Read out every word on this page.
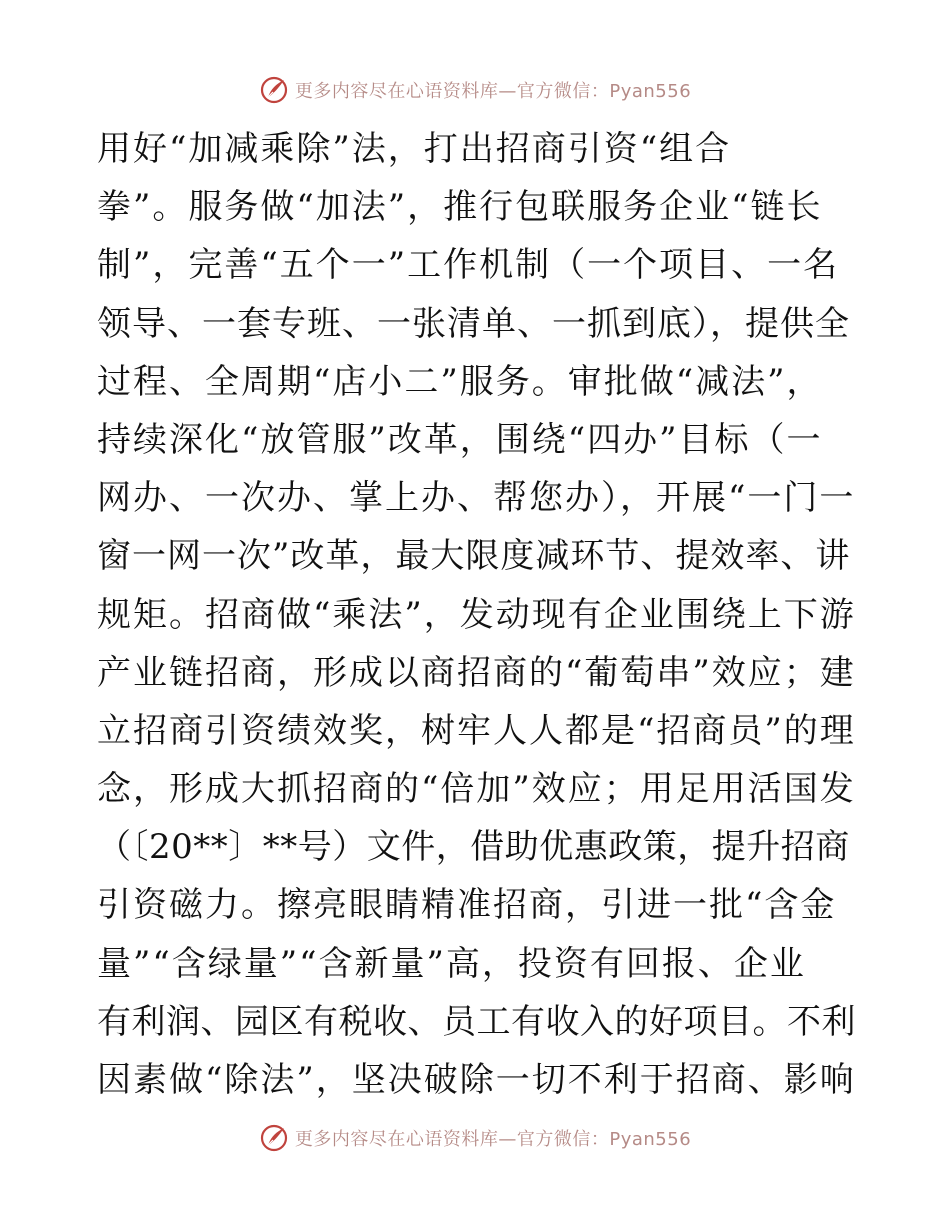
更多内容尽在心语资料库—官方微信：Pyan556
用好“加减乘除”法，打出招商引资“组合
拳”。服务做“加法”，推行包联服务企业“链长
制”，完善“五个一”工作机制（一个项目、一名
领导、一套专班、一张清单、一抓到底），提供全
过程、全周期“店小二”服务。审批做“减法”，
持续深化“放管服”改革，围绕“四办”目标（一
网办、一次办、掌上办、帮您办），开展“一门一
窗一网一次”改革，最大限度减环节、提效率、讲
规矩。招商做“乘法”，发动现有企业围绕上下游
产业链招商，形成以商招商的“葡萄串”效应；建
立招商引资绩效奖，树牢人人都是“招商员”的理
念，形成大抓招商的“倍加”效应；用足用活国发
（〔20**〕**号）文件，借助优惠政策，提升招商
引资磁力。擦亮眼睛精准招商，引进一批“含金
量”“含绿量”“含新量”高，投资有回报、企业
有利润、园区有税收、员工有收入的好项目。不利
因素做“除法”，坚决破除一切不利于招商、影响
更多内容尽在心语资料库—官方微信：Pyan556
